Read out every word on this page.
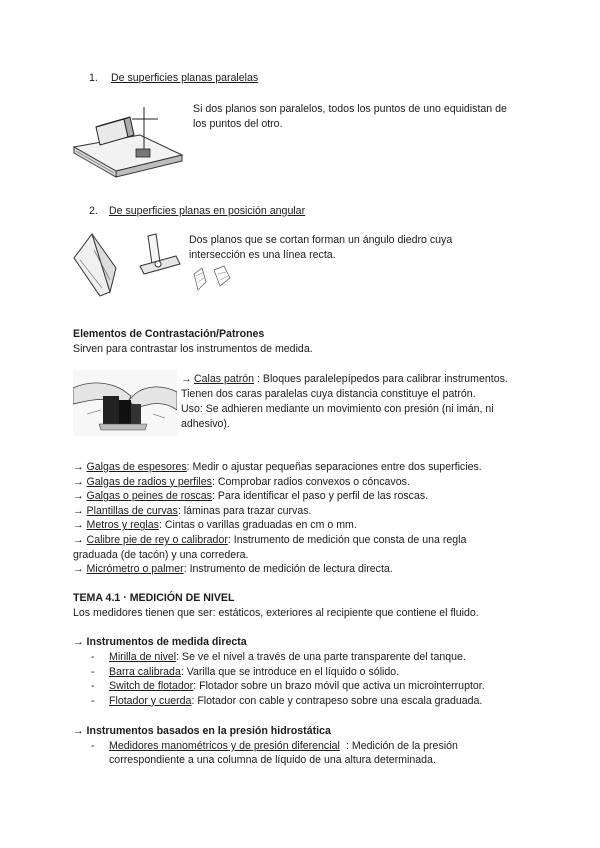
1. De superficies planas paralelas
Si dos planos son paralelos, todos los puntos de uno equidistan de
los puntos del otro.
2. De superficies planas en posición angular
Dos planos que se cortan forman un ángulo diedro cuya
intersección es una línea recta.
Elementos de Contrastación/Patrones
Sirven para contrastar los instrumentos de medida.
→ Calas patrón : Bloques paralelepípedos para calibrar instrumentos.
Tienen dos caras paralelas cuya distancia constituye el patrón.
Uso: Se adhieren mediante un movimiento con presión (ni imán, ni
adhesivo).
→ Galgas de espesores: Medir o ajustar pequeñas separaciones entre dos superficies.
→ Galgas de radios y perfiles: Comprobar radios convexos o cóncavos.
→ Galgas o peines de roscas: Para identificar el paso y perfil de las roscas.
→ Plantillas de curvas: láminas para trazar curvas.
→ Metros y reglas: Cintas o varillas graduadas en cm o mm.
→ Calibre pie de rey o calibrador: Instrumento de medición que consta de una regla
graduada (de tacón) y una corredera.
→ Micrómetro o palmer: Instrumento de medición de lectura directa.
TEMA 4.1 · MEDICIÓN DE NIVEL
Los medidores tienen que ser: estáticos, exteriores al recipiente que contiene el fluido.
→ Instrumentos de medida directa
- Mirilla de nivel: Se ve el nivel a través de una parte transparente del tanque.
- Barra calibrada: Varilla que se introduce en el líquido o sólido.
- Switch de flotador: Flotador sobre un brazo móvil que activa un microinterruptor.
- Flotador y cuerda: Flotador con cable y contrapeso sobre una escala graduada.
→ Instrumentos basados en la presión hidrostática
- Medidores manométricos y de presión diferencial : Medición de la presión
correspondiente a una columna de líquido de una altura determinada.
